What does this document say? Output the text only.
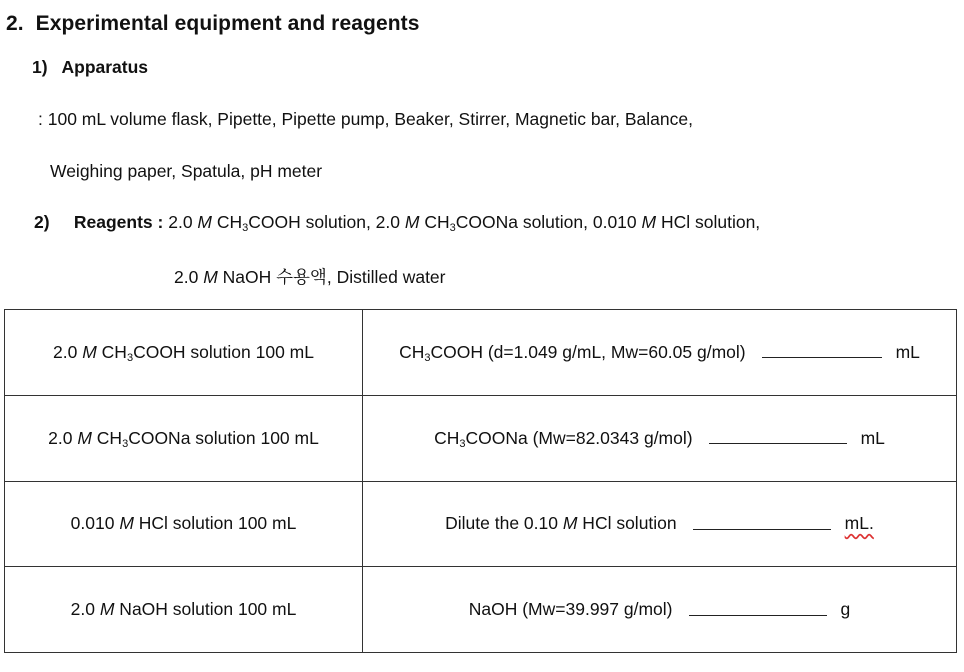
2. Experimental equipment and reagents
1) Apparatus
: 100 mL volume flask, Pipette, Pipette pump, Beaker, Stirrer, Magnetic bar, Balance,
Weighing paper, Spatula, pH meter
2) Reagents : 2.0 M $CH_3COOH$ solution, 2.0 M $CH_3COONa$ solution, 0.010 M HCl solution,
2.0 M NaOH 수용액, Distilled water
2.0 M $CH_3COOH$ solution 100 mL	$CH_3COOH$ (d=1.049 g/mL, Mw=60.05 g/mol) mL
2.0 M $CH_3COONa$ solution 100 mL	$CH_3COONa$ (Mw=82.0343 g/mol) mL
0.010 M HCl solution 100 mL	Dilute the 0.10 M HCl solution mL.
2.0 M NaOH solution 100 mL	NaOH (Mw=39.997 g/mol) g
